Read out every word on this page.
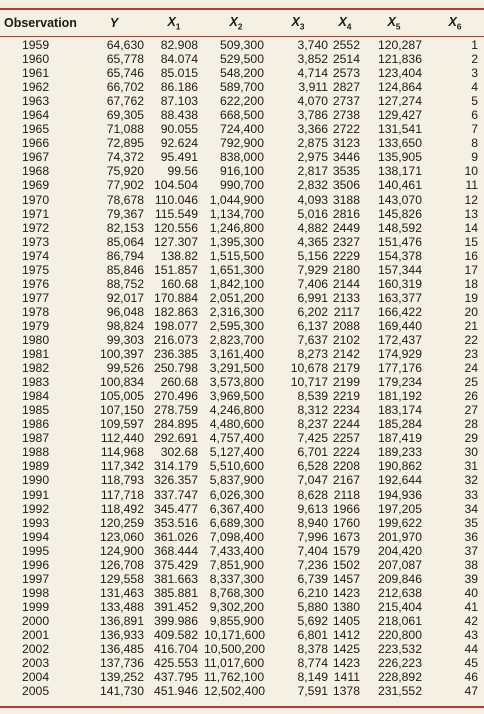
Observation	Y	$X_1$	$X_2$	$X_3$	$X_4$	$X_5$	$X_6$
1959	64,630	82.908	509,300	3,740	2552	120,287	1
1960	65,778	84.074	529,500	3,852	2514	121,836	2
1961	65,746	85.015	548,200	4,714	2573	123,404	3
1962	66,702	86.186	589,700	3,911	2827	124,864	4
1963	67,762	87.103	622,200	4,070	2737	127,274	5
1964	69,305	88.438	668,500	3,786	2738	129,427	6
1965	71,088	90.055	724,400	3,366	2722	131,541	7
1966	72,895	92.624	792,900	2,875	3123	133,650	8
1967	74,372	95.491	838,000	2,975	3446	135,905	9
1968	75,920	99.56	916,100	2,817	3535	138,171	10
1969	77,902	104.504	990,700	2,832	3506	140,461	11
1970	78,678	110.046	1,044,900	4,093	3188	143,070	12
1971	79,367	115.549	1,134,700	5,016	2816	145,826	13
1972	82,153	120.556	1,246,800	4,882	2449	148,592	14
1973	85,064	127.307	1,395,300	4,365	2327	151,476	15
1974	86,794	138.82	1,515,500	5,156	2229	154,378	16
1975	85,846	151.857	1,651,300	7,929	2180	157,344	17
1976	88,752	160.68	1,842,100	7,406	2144	160,319	18
1977	92,017	170.884	2,051,200	6,991	2133	163,377	19
1978	96,048	182.863	2,316,300	6,202	2117	166,422	20
1979	98,824	198.077	2,595,300	6,137	2088	169,440	21
1980	99,303	216.073	2,823,700	7,637	2102	172,437	22
1981	100,397	236.385	3,161,400	8,273	2142	174,929	23
1982	99,526	250.798	3,291,500	10,678	2179	177,176	24
1983	100,834	260.68	3,573,800	10,717	2199	179,234	25
1984	105,005	270.496	3,969,500	8,539	2219	181,192	26
1985	107,150	278.759	4,246,800	8,312	2234	183,174	27
1986	109,597	284.895	4,480,600	8,237	2244	185,284	28
1987	112,440	292.691	4,757,400	7,425	2257	187,419	29
1988	114,968	302.68	5,127,400	6,701	2224	189,233	30
1989	117,342	314.179	5,510,600	6,528	2208	190,862	31
1990	118,793	326.357	5,837,900	7,047	2167	192,644	32
1991	117,718	337.747	6,026,300	8,628	2118	194,936	33
1992	118,492	345.477	6,367,400	9,613	1966	197,205	34
1993	120,259	353.516	6,689,300	8,940	1760	199,622	35
1994	123,060	361.026	7,098,400	7,996	1673	201,970	36
1995	124,900	368.444	7,433,400	7,404	1579	204,420	37
1996	126,708	375.429	7,851,900	7,236	1502	207,087	38
1997	129,558	381.663	8,337,300	6,739	1457	209,846	39
1998	131,463	385.881	8,768,300	6,210	1423	212,638	40
1999	133,488	391.452	9,302,200	5,880	1380	215,404	41
2000	136,891	399.986	9,855,900	5,692	1405	218,061	42
2001	136,933	409.582	10,171,600	6,801	1412	220,800	43
2002	136,485	416.704	10,500,200	8,378	1425	223,532	44
2003	137,736	425.553	11,017,600	8,774	1423	226,223	45
2004	139,252	437.795	11,762,100	8,149	1411	228,892	46
2005	141,730	451.946	12,502,400	7,591	1378	231,552	47
